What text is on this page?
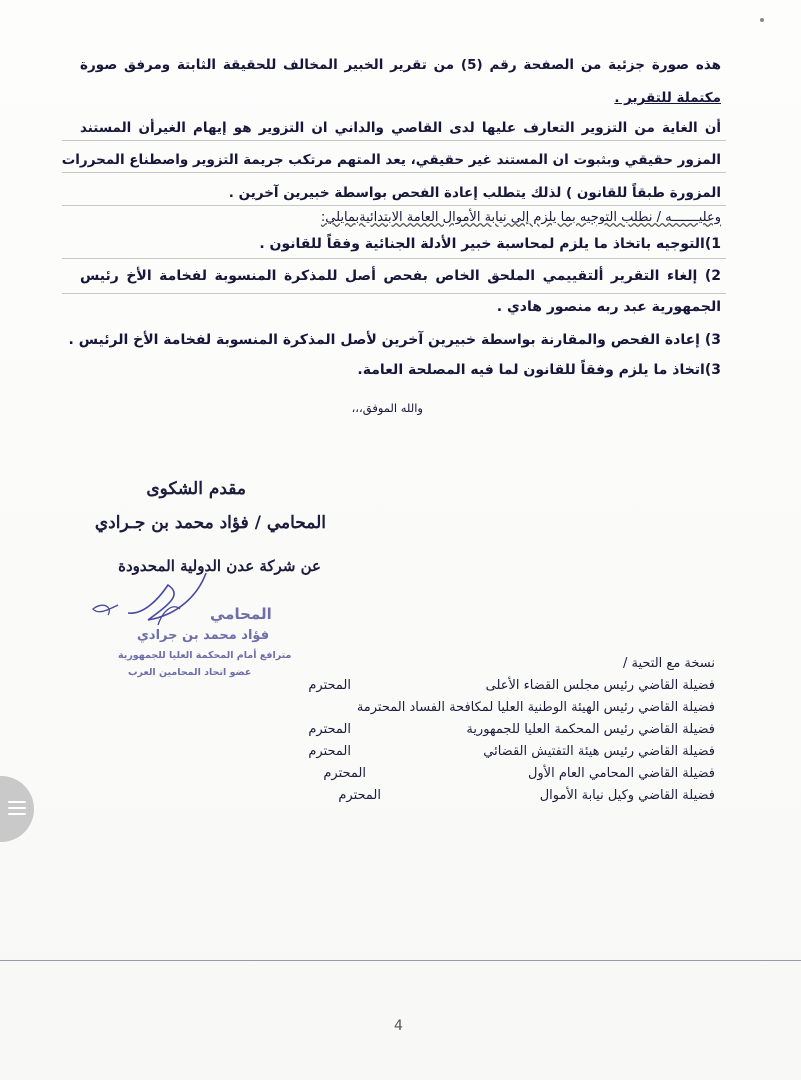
هذه صورة جزئية من الصفحة رقم (5) من تقرير الخبير المخالف للحقيقة الثابتة ومرفق صورة
مكتملة للتقرير .
أن الغاية من التزوير التعارف عليها لدى القاصي والداني ان التزوير هو إيهام الغيرأن المستند
المزور حقيقي وبثبوت ان المستند غير حقيقي، يعد المتهم مرتكب جريمة التزوير واصطناع المحررات
المزورة طبقاً للقانون ) لذلك يتطلب إعادة الفحص بواسطة خبيرين آخرين .
وعليـــــــه / نطلب التوجيه بما يلزم إلى نيابة الأموال العامة الابتدائيةبمايلي:
1)التوجيه باتخاذ ما يلزم لمحاسبة خبير الأدلة الجنائية وفقاً للقانون .
2) إلغاء التقرير ألتقييمي الملحق الخاص بفحص أصل للمذكرة المنسوبة لفخامة الأخ رئيس
الجمهورية عبد ربه منصور هادي .
3) إعادة الفحص والمقارنة بواسطة خبيرين آخرين لأصل المذكرة المنسوبة لفخامة الأخ الرئيس .
3)اتخاذ ما يلزم وفقاً للقانون لما فيه المصلحة العامة.
والله الموفق،،،
مقدم الشكوى
المحامي / فؤاد محمد بن جـرادي
عن شركة عدن الدولية المحدودة
المحامي
فؤاد محمد بن جرادي
مترافع أمام المحكمة العليا للجمهورية
عضو اتحاد المحامين العرب
نسخة مع التحية /
فضيلة القاضي رئيس مجلس القضاء الأعلى
المحترم
فضيلة القاضي رئيس الهيئة الوطنية العليا لمكافحة الفساد المحترمة
فضيلة القاضي رئيس المحكمة العليا للجمهورية
المحترم
فضيلة القاضي رئيس هيئة التفتيش القضائي
المحترم
فضيلة القاضي المحامي العام الأول
المحترم
فضيلة القاضي وكيل نيابة الأموال
المحترم
4
